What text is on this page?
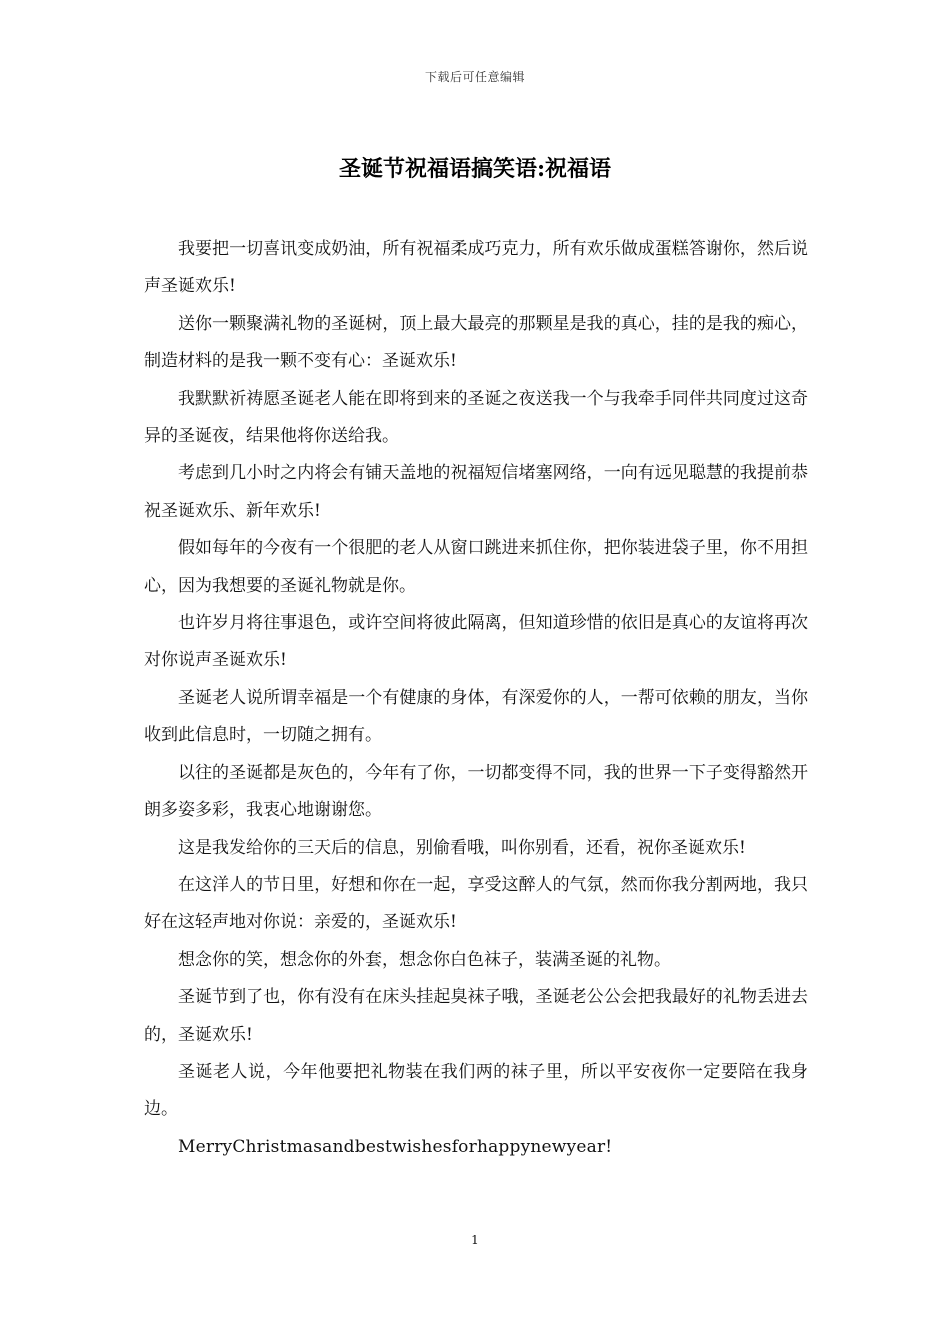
下载后可任意编辑
圣诞节祝福语搞笑语:祝福语

我要把一切喜讯变成奶油，所有祝福柔成巧克力，所有欢乐做成蛋糕答谢你，然后说声圣诞欢乐!

送你一颗聚满礼物的圣诞树，顶上最大最亮的那颗星是我的真心，挂的是我的痴心，制造材料的是我一颗不变有心：圣诞欢乐!

我默默祈祷愿圣诞老人能在即将到来的圣诞之夜送我一个与我牵手同伴共同度过这奇异的圣诞夜，结果他将你送给我。

考虑到几小时之内将会有铺天盖地的祝福短信堵塞网络，一向有远见聪慧的我提前恭祝圣诞欢乐、新年欢乐!

假如每年的今夜有一个很肥的老人从窗口跳进来抓住你，把你装进袋子里，你不用担心，因为我想要的圣诞礼物就是你。

也许岁月将往事退色，或许空间将彼此隔离，但知道珍惜的依旧是真心的友谊将再次对你说声圣诞欢乐!

圣诞老人说所谓幸福是一个有健康的身体，有深爱你的人，一帮可依赖的朋友，当你收到此信息时，一切随之拥有。

以往的圣诞都是灰色的，今年有了你，一切都变得不同，我的世界一下子变得豁然开朗多姿多彩，我衷心地谢谢您。

这是我发给你的三天后的信息，别偷看哦，叫你别看，还看，祝你圣诞欢乐!

在这洋人的节日里，好想和你在一起，享受这醉人的气氛，然而你我分割两地，我只好在这轻声地对你说：亲爱的，圣诞欢乐!

想念你的笑，想念你的外套，想念你白色袜子，装满圣诞的礼物。

圣诞节到了也，你有没有在床头挂起臭袜子哦，圣诞老公公会把我最好的礼物丢进去的，圣诞欢乐!

圣诞老人说，今年他要把礼物装在我们两的袜子里，所以平安夜你一定要陪在我身边。

MerryChristmasandbestwishesforhappynewyear!

1
